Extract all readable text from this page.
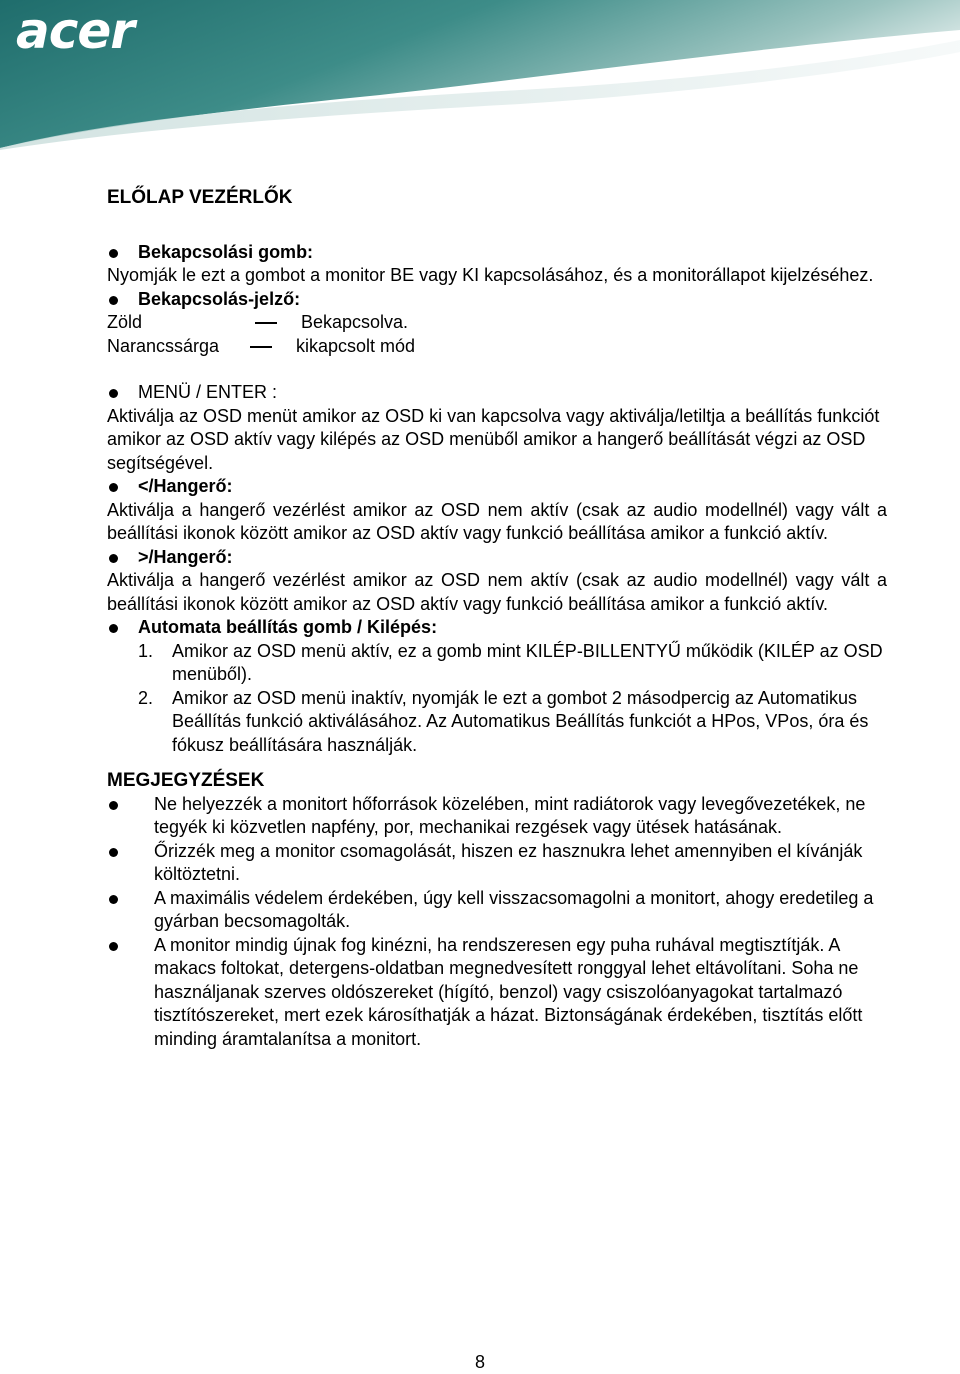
acer
ELŐLAP VEZÉRLŐK
Bekapcsolási gomb:

Nyomják le ezt a gombot a monitor BE vagy KI kapcsolásához, és a monitorállapot kijelzéséhez.

Bekapcsolás-jelző:
Zöld	Bekapcsolva.
Narancssárga	kikapcsolt mód
MENÜ / ENTER :

Aktiválja az OSD menüt amikor az OSD ki van kapcsolva vagy aktiválja/letiltja a beállítás funkciót amikor az OSD aktív vagy kilépés az OSD menüből amikor a hangerő beállítását végzi az OSD segítségével.

</Hangerő:

Aktiválja a hangerő vezérlést amikor az OSD nem aktív (csak az audio modellnél) vagy vált a beállítási ikonok között amikor az OSD aktív vagy funkció beállítása amikor a funkció aktív.

>/Hangerő:

Aktiválja a hangerő vezérlést amikor az OSD nem aktív (csak az audio modellnél) vagy vált a beállítási ikonok között amikor az OSD aktív vagy funkció beállítása amikor a funkció aktív.

Automata beállítás gomb / Kilépés:
1.	Amikor az OSD menü aktív, ez a gomb mint KILÉP-BILLENTYŰ működik (KILÉP az OSD menüből).
2.	Amikor az OSD menü inaktív, nyomják le ezt a gombot 2 másodpercig az Automatikus Beállítás funkció aktiválásához. Az Automatikus Beállítás funkciót a HPos, VPos, óra és fókusz beállítására használják.
MEGJEGYZÉSEK
Ne helyezzék a monitort hőforrások közelében, mint radiátorok vagy levegővezetékek, ne tegyék ki közvetlen napfény, por, mechanikai rezgések vagy ütések hatásának.
Őrizzék meg a monitor csomagolását, hiszen ez hasznukra lehet amennyiben el kívánják költöztetni.
A maximális védelem érdekében, úgy kell visszacsomagolni a monitort, ahogy eredetileg a gyárban becsomagolták.
A monitor mindig újnak fog kinézni, ha rendszeresen egy puha ruhával megtisztítják. A makacs foltokat, detergens-oldatban megnedvesített ronggyal lehet eltávolítani. Soha ne használjanak szerves oldószereket (hígító, benzol) vagy csiszolóanyagokat tartalmazó tisztítószereket, mert ezek károsíthatják a házat. Biztonságának érdekében, tisztítás előtt minding áramtalanítsa a monitort.
8
